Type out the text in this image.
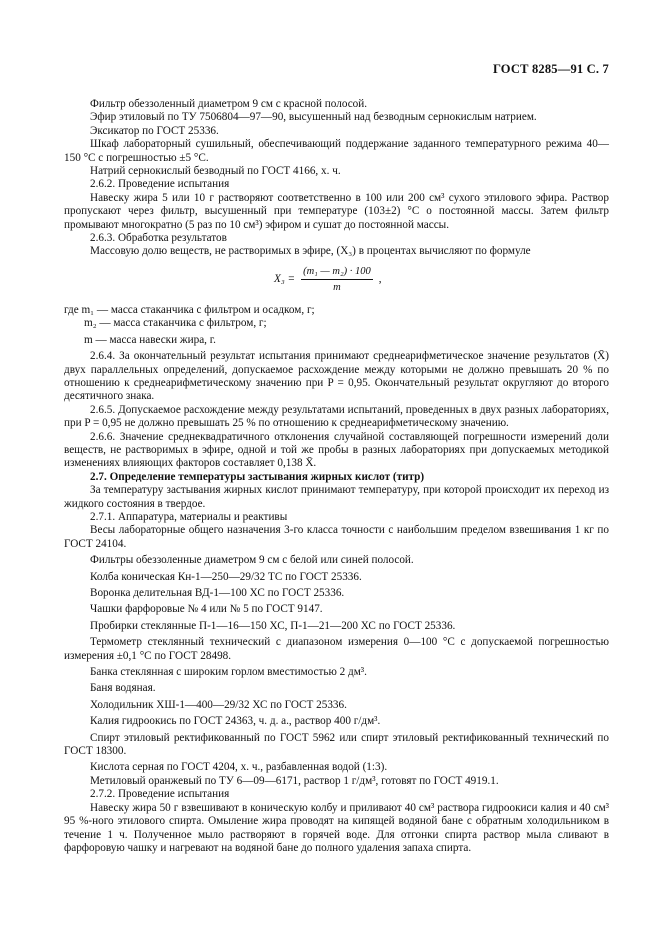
ГОСТ 8285—91 С. 7

Фильтр обеззоленный диаметром 9 см с красной полосой.

Эфир этиловый по ТУ 7506804—97—90, высушенный над безводным сернокислым натрием.

Эксикатор по ГОСТ 25336.

Шкаф лабораторный сушильный, обеспечивающий поддержание заданного температурного режима 40—150 °С с погрешностью ±5 °С.

Натрий сернокислый безводный по ГОСТ 4166, х. ч.

2.6.2. Проведение испытания

Навеску жира 5 или 10 г растворяют соответственно в 100 или 200 см³ сухого этилового эфира. Раствор пропускают через фильтр, высушенный при температуре (103±2) °С о постоянной массы. Затем фильтр промывают многократно (5 раз по 10 см³) эфиром и сушат до постоянной массы.

2.6.3. Обработка результатов

Массовую долю веществ, не растворимых в эфире, (X₃) в процентах вычисляют по формуле

$X_3 = \frac{\text{(m₁ — m₂) · 100}}{m}$ ,

где m₁ — масса стаканчика с фильтром и осадком, г;

m₂ — масса стаканчика с фильтром, г;

m — масса навески жира, г.

2.6.4. За окончательный результат испытания принимают среднеарифметическое значение результатов (X̄) двух параллельных определений, допускаемое расхождение между которыми не должно превышать 20 % по отношению к среднеарифметическому значению при P = 0,95. Окончательный результат округляют до второго десятичного знака.

2.6.5. Допускаемое расхождение между результатами испытаний, проведенных в двух разных лабораториях, при P = 0,95 не должно превышать 25 % по отношению к среднеарифметическому значению.

2.6.6. Значение среднеквадратичного отклонения случайной составляющей погрешности измерений доли веществ, не растворимых в эфире, одной и той же пробы в разных лабораториях при допускаемых методикой изменениях влияющих факторов составляет 0,138 X̄.

2.7. Определение температуры застывания жирных кислот (титр)

За температуру застывания жирных кислот принимают температуру, при которой происходит их переход из жидкого состояния в твердое.

2.7.1. Аппаратура, материалы и реактивы

Весы лабораторные общего назначения 3-го класса точности с наибольшим пределом взвешивания 1 кг по ГОСТ 24104.

Фильтры обеззоленные диаметром 9 см с белой или синей полосой.

Колба коническая Кн-1—250—29/32 ТС по ГОСТ 25336.

Воронка делительная ВД-1—100 ХС по ГОСТ 25336.

Чашки фарфоровые № 4 или № 5 по ГОСТ 9147.

Пробирки стеклянные П-1—16—150 ХС, П-1—21—200 ХС по ГОСТ 25336.

Термометр стеклянный технический с диапазоном измерения 0—100 °С с допускаемой погрешностью измерения ±0,1 °С по ГОСТ 28498.

Банка стеклянная с широким горлом вместимостью 2 дм³.

Баня водяная.

Холодильник ХШ-1—400—29/32 ХС по ГОСТ 25336.

Калия гидроокись по ГОСТ 24363, ч. д. а., раствор 400 г/дм³.

Спирт этиловый ректификованный по ГОСТ 5962 или спирт этиловый ректификованный технический по ГОСТ 18300.

Кислота серная по ГОСТ 4204, х. ч., разбавленная водой (1:3).

Метиловый оранжевый по ТУ 6—09—6171, раствор 1 г/дм³, готовят по ГОСТ 4919.1.

2.7.2. Проведение испытания

Навеску жира 50 г взвешивают в коническую колбу и приливают 40 см³ раствора гидроокиси калия и 40 см³ 95 %-ного этилового спирта. Омыление жира проводят на кипящей водяной бане с обратным холодильником в течение 1 ч. Полученное мыло растворяют в горячей воде. Для отгонки спирта раствор мыла сливают в фарфоровую чашку и нагревают на водяной бане до полного удаления запаха спирта.
